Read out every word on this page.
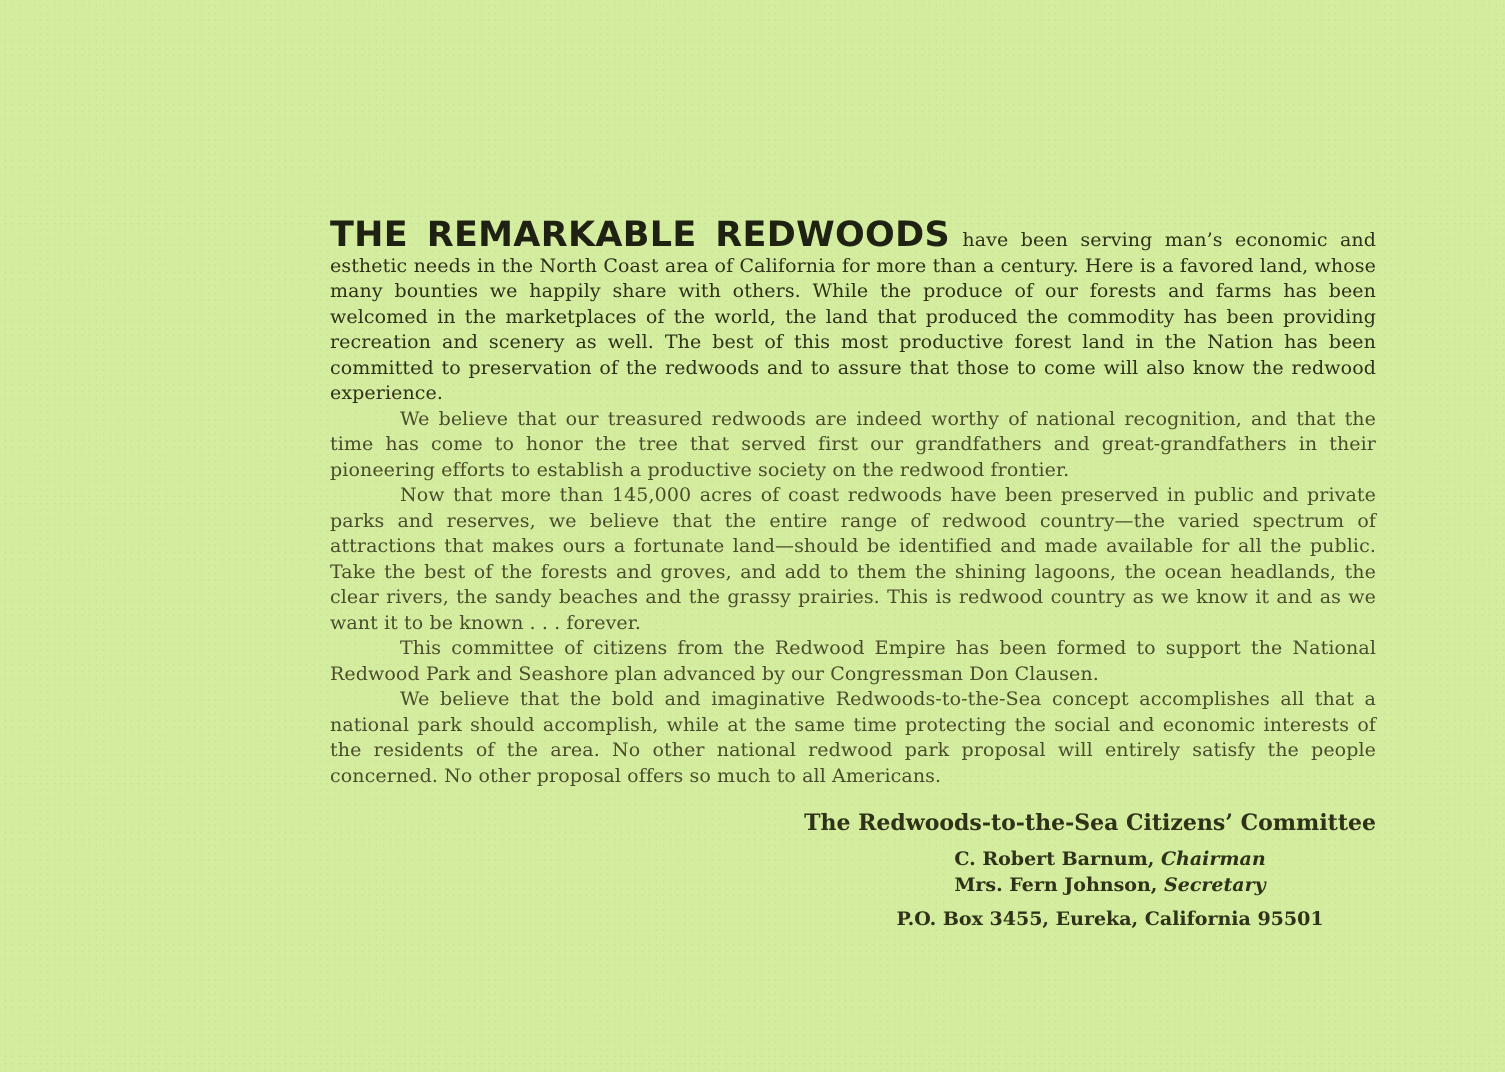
THE REMARKABLE REDWOODS have been serving man’s economic and esthetic needs in the North Coast area of California for more than a century. Here is a favored land, whose many bounties we happily share with others. While the produce of our forests and farms has been welcomed in the marketplaces of the world, the land that produced the commodity has been providing recreation and scenery as well. The best of this most productive forest land in the Nation has been committed to preservation of the redwoods and to assure that those to come will also know the redwood experience.

We believe that our treasured redwoods are indeed worthy of national recognition, and that the time has come to honor the tree that served first our grandfathers and great-grandfathers in their pioneering efforts to establish a productive society on the redwood frontier.

Now that more than 145,000 acres of coast redwoods have been preserved in public and private parks and reserves, we believe that the entire range of redwood country—the varied spectrum of attractions that makes ours a fortunate land—should be identified and made available for all the public. Take the best of the forests and groves, and add to them the shining lagoons, the ocean headlands, the clear rivers, the sandy beaches and the grassy prairies. This is redwood country as we know it and as we want it to be known . . . forever.

This committee of citizens from the Redwood Empire has been formed to support the National Redwood Park and Seashore plan advanced by our Congressman Don Clausen.

We believe that the bold and imaginative Redwoods-to-the-Sea concept accomplishes all that a national park should accomplish, while at the same time protecting the social and economic interests of the residents of the area. No other national redwood park proposal will entirely satisfy the people concerned. No other proposal offers so much to all Americans.

The Redwoods-to-the-Sea Citizens’ Committee
C. Robert Barnum, Chairman
Mrs. Fern Johnson, Secretary
P.O. Box 3455, Eureka, California 95501
